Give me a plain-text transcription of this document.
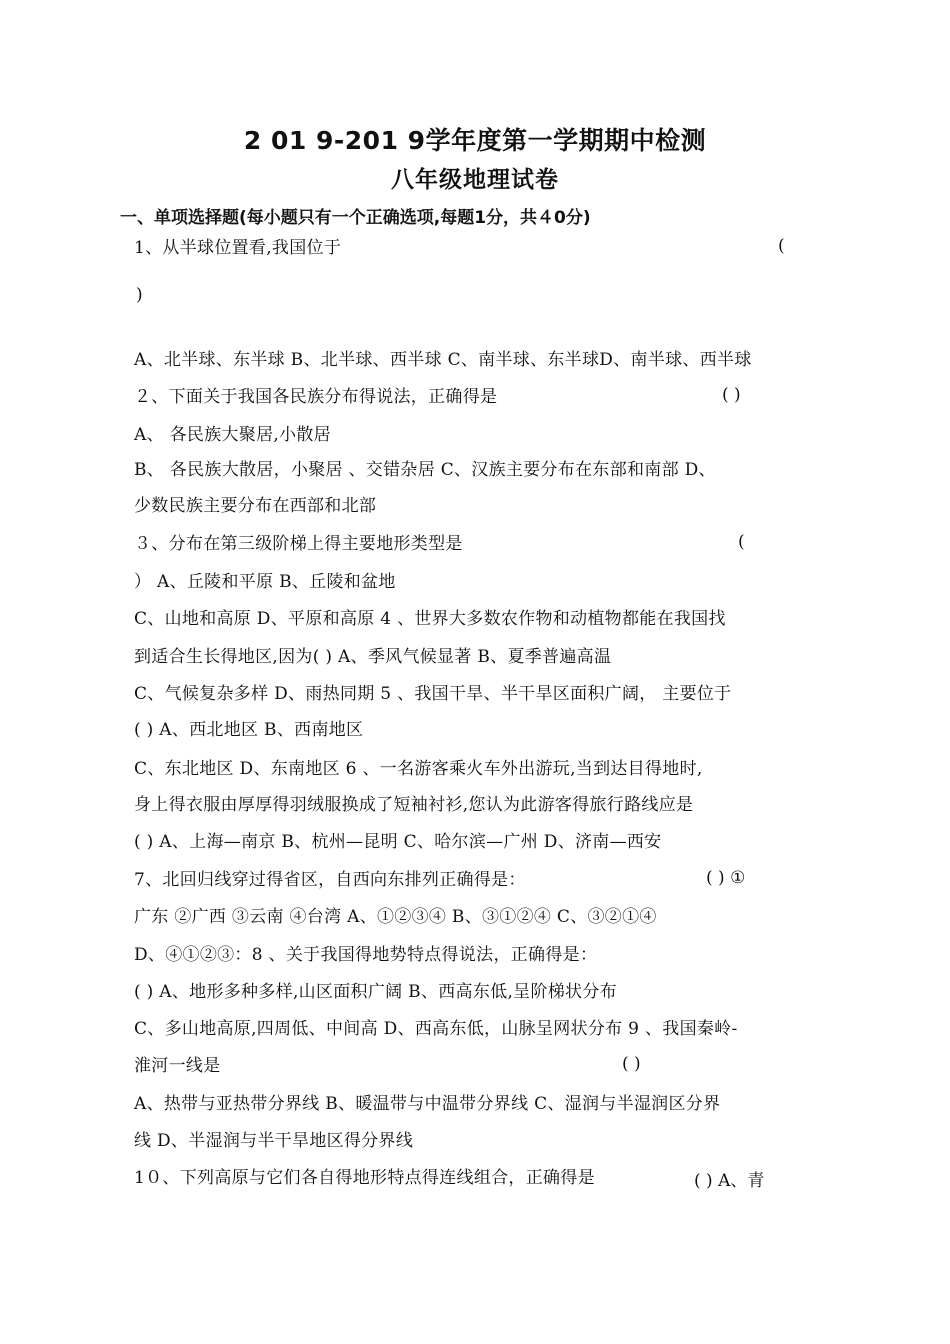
2 01 9-201 9学年度第一学期期中检测
八年级地理试卷
一、单项选择题(每小题只有一个正确选项,每题1分，共４0分)
1、从半球位置看,我国位于	(
)
A、北半球、东半球 B、北半球、西半球 C、南半球、东半球D、南半球、西半球
２、下面关于我国各民族分布得说法，正确得是	( )
A、 各民族大聚居,小散居
B、 各民族大散居，小聚居 、交错杂居 C、汉族主要分布在东部和南部 D、
少数民族主要分布在西部和北部
３、分布在第三级阶梯上得主要地形类型是	(
） A、丘陵和平原 B、丘陵和盆地
C、山地和高原 D、平原和高原 4 、世界大多数农作物和动植物都能在我国找
到适合生长得地区,因为( ) A、季风气候显著 B、夏季普遍高温
C、气候复杂多样 D、雨热同期 5 、我国干旱、半干旱区面积广阔， 主要位于
( ) A、西北地区 B、西南地区
C、东北地区 D、东南地区 6 、一名游客乘火车外出游玩,当到达目得地时,
身上得衣服由厚厚得羽绒服换成了短袖衬衫,您认为此游客得旅行路线应是
( ) A、上海—南京 B、杭州—昆明 C、哈尔滨—广州 D、济南—西安
7、北回归线穿过得省区，自西向东排列正确得是：	( ) ①
广东 ②广西 ③云南 ④台湾 A、①②③④ B、③①②④ C、③②①④
D、④①②③：8 、关于我国得地势特点得说法，正确得是：
( ) A、地形多种多样,山区面积广阔 B、西高东低,呈阶梯状分布
C、多山地高原,四周低、中间高 D、西高东低，山脉呈网状分布 9 、我国秦岭-
淮河一线是	( )
A、热带与亚热带分界线 B、暖温带与中温带分界线 C、湿润与半湿润区分界
线 D、半湿润与半干旱地区得分界线
1０、下列高原与它们各自得地形特点得连线组合，正确得是	( ) A、青
